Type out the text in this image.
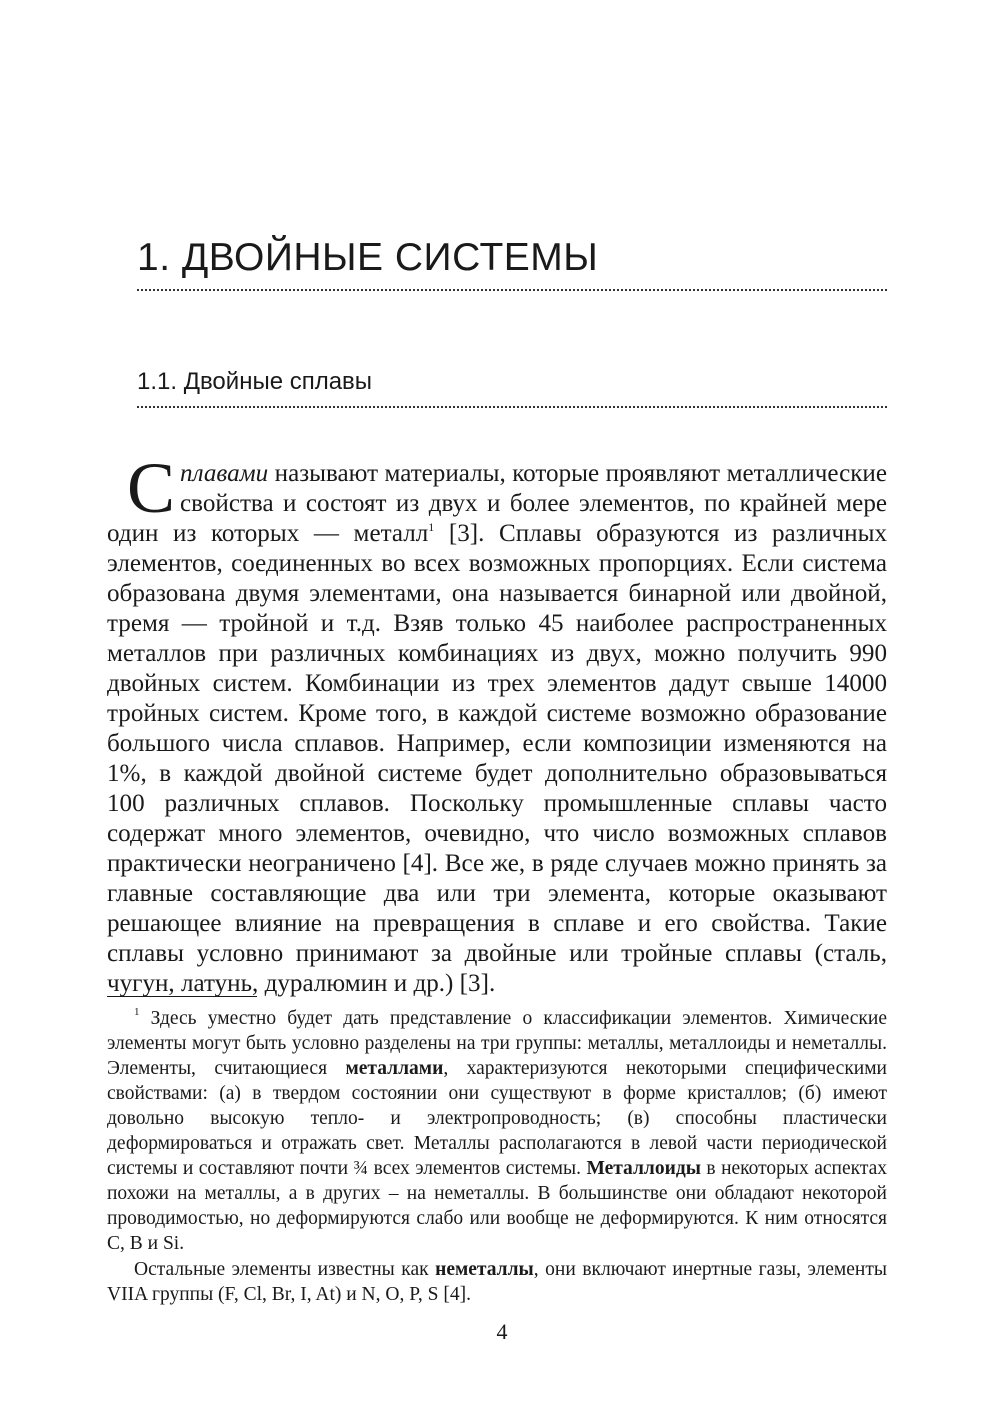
1. ДВОЙНЫЕ СИСТЕМЫ
1.1. Двойные сплавы

Сплавами называют материалы, которые проявляют металлические свойства и состоят из двух и более элементов, по крайней мере один из которых — металл$^1$ [3]. Сплавы образуются из различных элементов, соединенных во всех возможных пропорциях. Если система образована двумя элементами, она называется бинарной или двойной, тремя — тройной и т.д. Взяв только 45 наиболее распространенных металлов при различных комбинациях из двух, можно получить 990 двойных систем. Комбинации из трех элементов дадут свыше 14000 тройных систем. Кроме того, в каждой системе возможно образование большого числа сплавов. Например, если композиции изменяются на 1%, в каждой двойной системе будет дополнительно образовываться 100 различных сплавов. Поскольку промышленные сплавы часто содержат много элементов, очевидно, что число возможных сплавов практически неограничено [4]. Все же, в ряде случаев можно принять за главные составляющие два или три элемента, которые оказывают решающее влияние на превращения в сплаве и его свойства. Такие сплавы условно принимают за двойные или тройные сплавы (сталь, чугун, латунь, дуралюмин и др.) [3].

$^1$ Здесь уместно будет дать представление о классификации элементов. Химические элементы могут быть условно разделены на три группы: металлы, металлоиды и неметаллы. Элементы, считающиеся металлами, характеризуются некоторыми специфическими свойствами: (а) в твердом состоянии они существуют в форме кристаллов; (б) имеют довольно высокую тепло- и электропроводность; (в) способны пластически деформироваться и отражать свет. Металлы располагаются в левой части периодической системы и составляют почти ¾ всех элементов системы. Металлоиды в некоторых аспектах похожи на металлы, а в других – на неметаллы. В большинстве они обладают некоторой проводимостью, но деформируются слабо или вообще не деформируются. К ним относятся C, B и Si.

Остальные элементы известны как неметаллы, они включают инертные газы, элементы VIIA группы (F, Cl, Br, I, At) и N, O, P, S [4].

4
